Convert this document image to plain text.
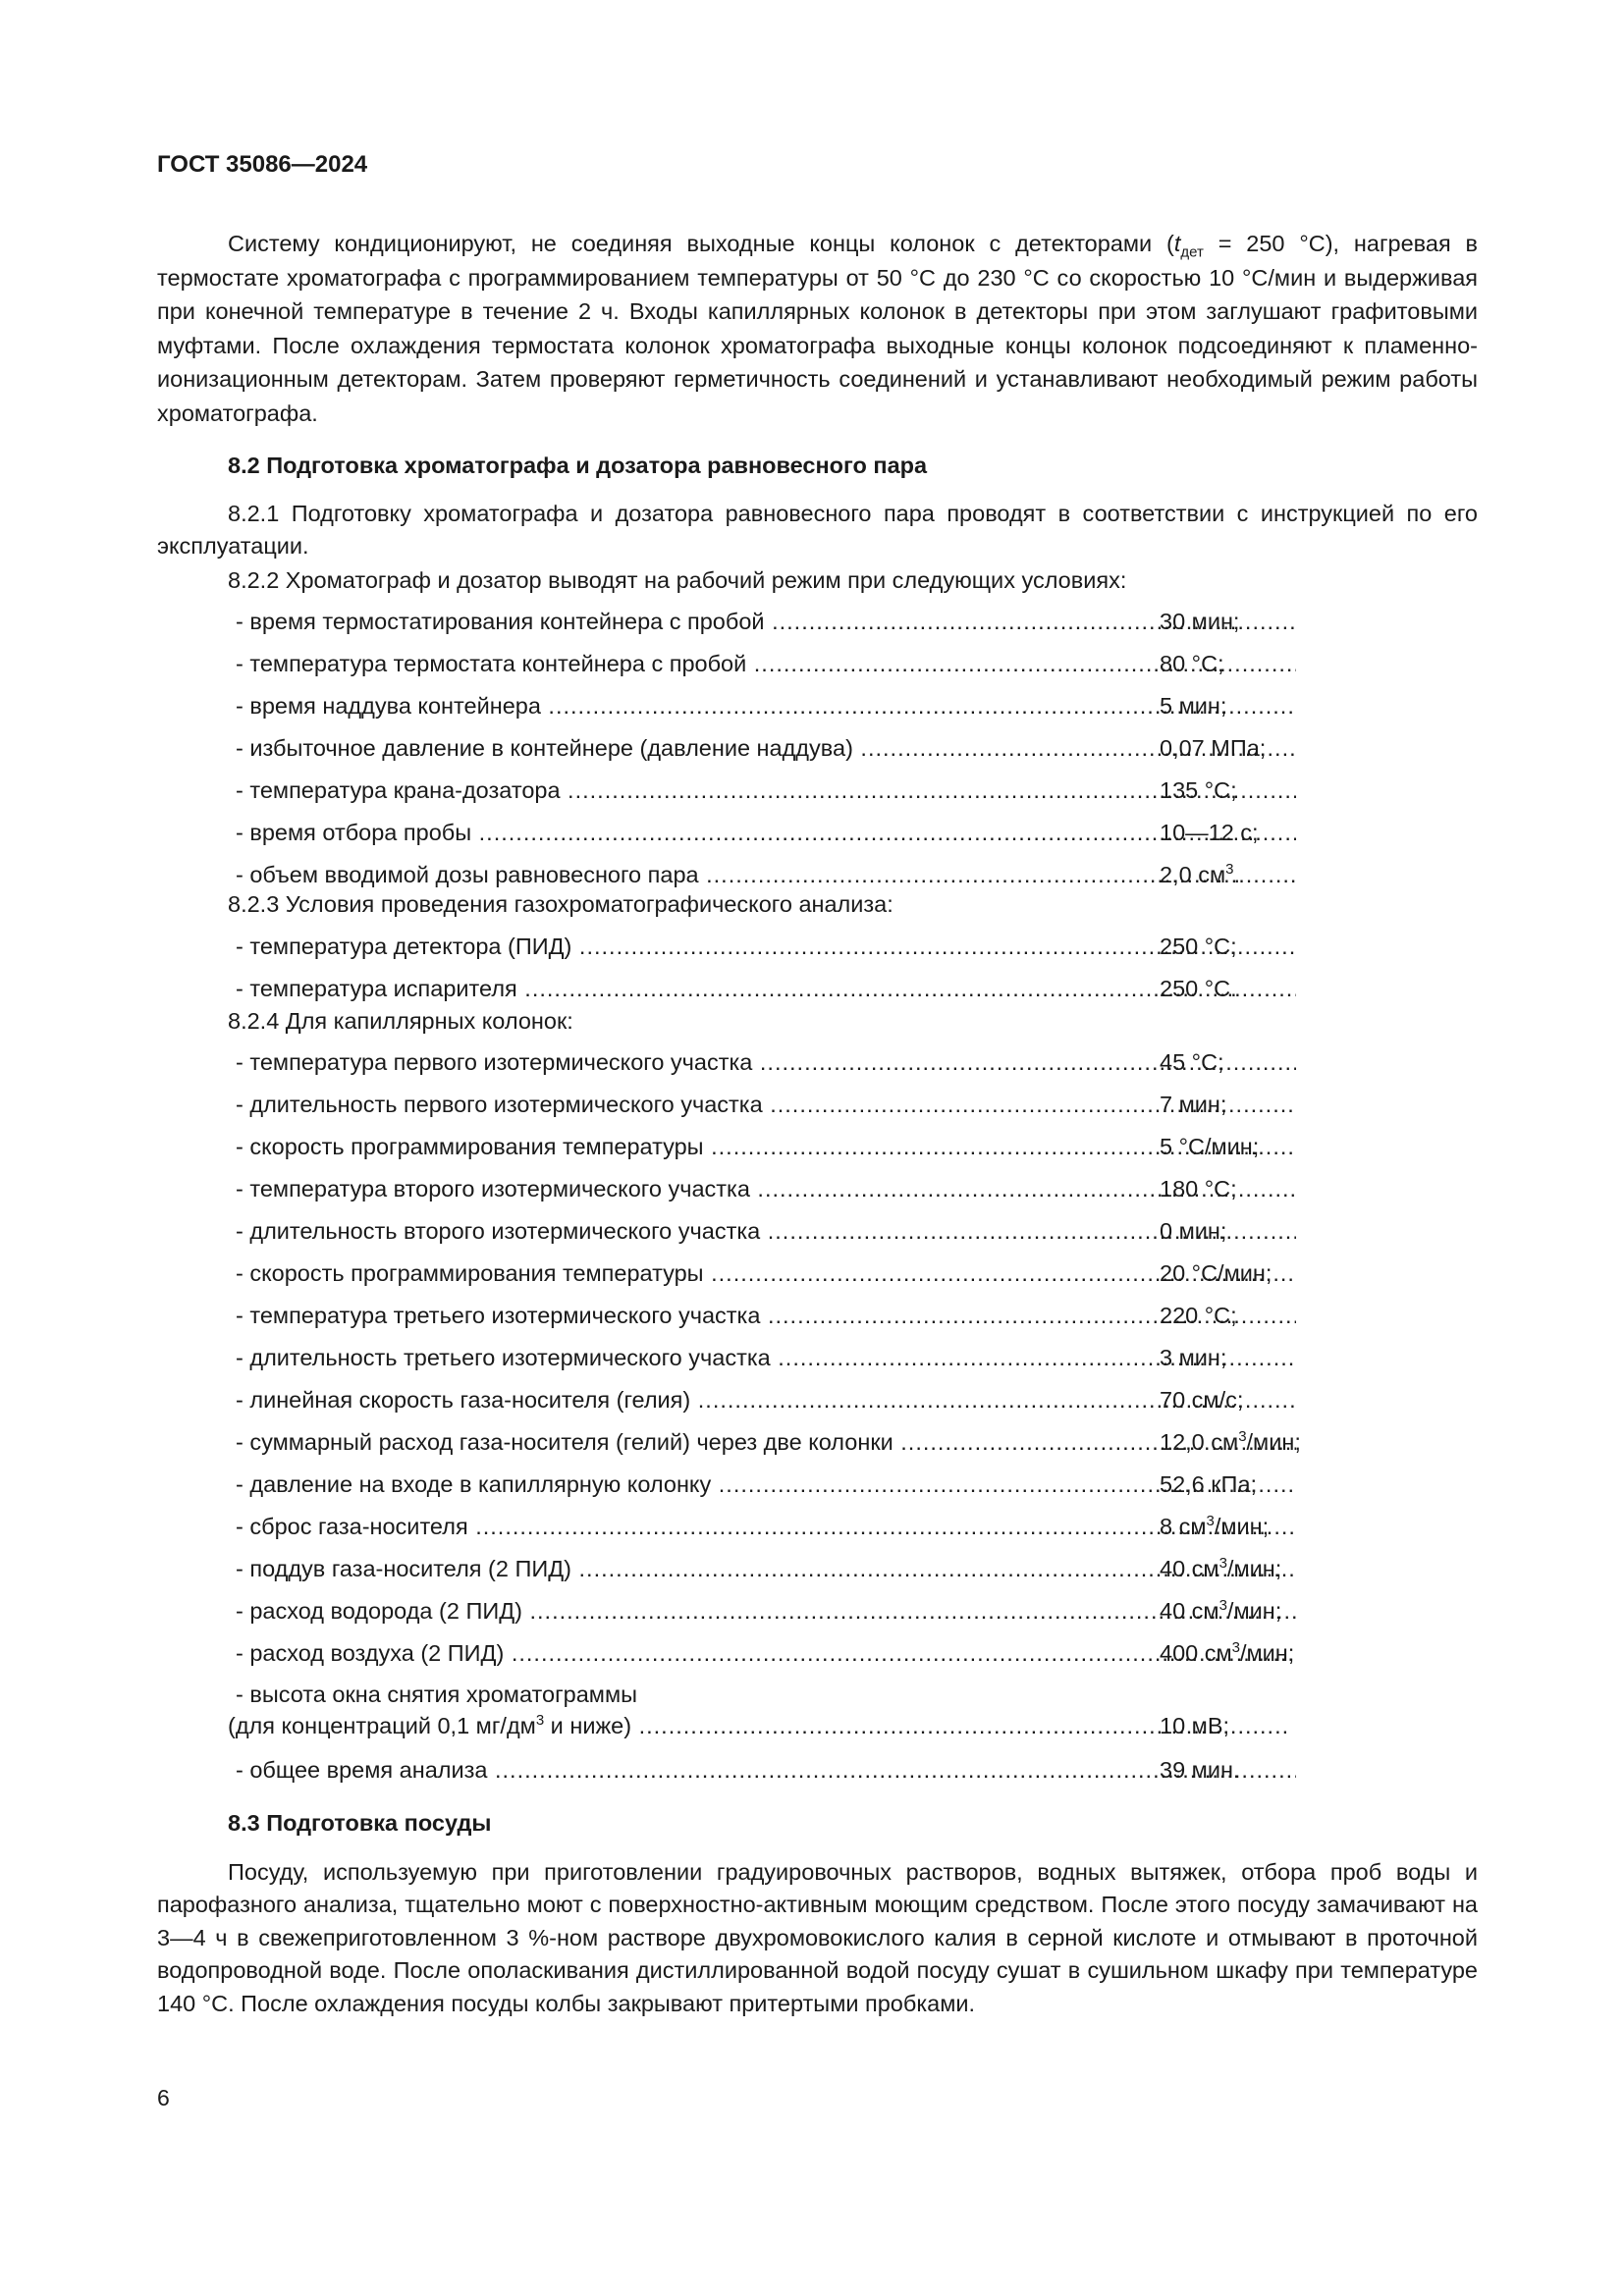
ГОСТ 35086—2024

Систему кондиционируют, не соединяя выходные концы колонок с детекторами ($t_{дет} = 250$ °C), нагревая в термостате хроматографа с программированием температуры от 50 °C до 230 °C со скоростью 10 °C/мин и выдерживая при конечной температуре в течение 2 ч. Входы капиллярных колонок в детекторы при этом заглушают графитовыми муфтами. После охлаждения термостата колонок хроматографа выходные концы колонок подсоединяют к пламенно-ионизационным детекторам. Затем проверяют герметичность соединений и устанавливают необходимый режим работы хроматографа.

8.2 Подготовка хроматографа и дозатора равновесного пара

8.2.1 Подготовку хроматографа и дозатора равновесного пара проводят в соответствии с инструкцией по его эксплуатации.

8.2.2 Хроматограф и дозатор выводят на рабочий режим при следующих условиях:
- время термостатирования контейнера с пробой .....	30 мин;
- температура термостата контейнера с пробой .....	80 °C;
- время наддува контейнера .....	5 мин;
- избыточное давление в контейнере (давление наддува) .....	0,07 МПа;
- температура крана-дозатора .....	135 °C;
- время отбора пробы .....	10—12 с;
- объем вводимой дозы равновесного пара .....	2,0 $см^3$.
8.2.3 Условия проведения газохроматографического анализа:
- температура детектора (ПИД) .....	250 °C;
- температура испарителя .....	250 °C.
8.2.4 Для капиллярных колонок:
- температура первого изотермического участка .....	45 °C;
- длительность первого изотермического участка .....	7 мин;
- скорость программирования температуры .....	5 °C/мин;
- температура второго изотермического участка .....	180 °C;
- длительность второго изотермического участка .....	0 мин;
- скорость программирования температуры .....	20 °C/мин;
- температура третьего изотермического участка .....	220 °C;
- длительность третьего изотермического участка .....	3 мин;
- линейная скорость газа-носителя (гелия) .....	70 см/с;
- суммарный расход газа-носителя (гелий) через две колонки .....	12,0 $см^3$/мин;
- давление на входе в капиллярную колонку .....	52,6 кПа;
- сброс газа-носителя .....	8 $см^3$/мин;
- поддув газа-носителя (2 ПИД) .....	40 $см^3$/мин;
- расход водорода (2 ПИД) .....	40 $см^3$/мин;
- расход воздуха (2 ПИД) .....	400 $см^3$/мин;
- высота окна снятия хроматограммы
(для концентраций 0,1 $мг/дм^3$ и ниже) .....	10 мВ;
- общее время анализа .....	39 мин.
8.3 Подготовка посуды

Посуду, используемую при приготовлении градуировочных растворов, водных вытяжек, отбора проб воды и парофазного анализа, тщательно моют с поверхностно-активным моющим средством. После этого посуду замачивают на 3—4 ч в свежеприготовленном 3 %-ном растворе двухромовокислого калия в серной кислоте и отмывают в проточной водопроводной воде. После ополаскивания дистиллированной водой посуду сушат в сушильном шкафу при температуре 140 °C. После охлаждения посуды колбы закрывают притертыми пробками.

6
